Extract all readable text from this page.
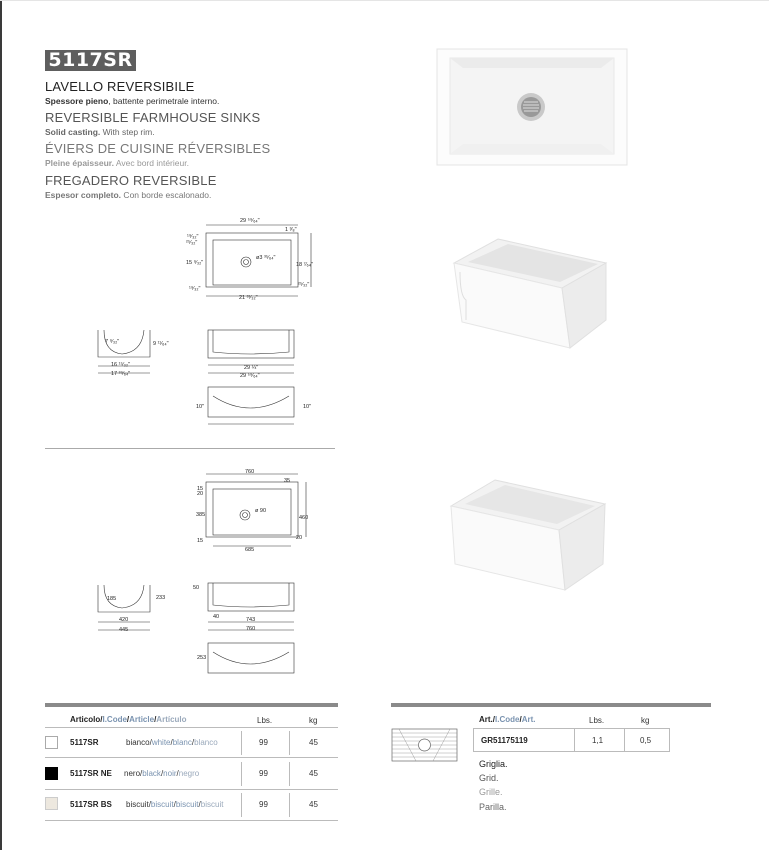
5117SR
LAVELLO REVERSIBILE
Spessore pieno, battente perimetrale interno.
REVERSIBLE FARMHOUSE SINKS
Solid casting. With step rim.
ÉVIERS DE CUISINE RÉVERSIBLES
Pleine épaisseur. Avec bord intérieur.
FREGADERO REVERSIBLE
Espesor completo. Con borde escalonado.
29 ⁵⁹⁄₆₄"
1 ³⁄₈"
¹⁹⁄₃₂"
²⁵⁄₃₂"
15 ⁹⁄₃₂"
ø3 ³⁵⁄₆₄"
18 ⁷⁄₆₄"
¹⁹⁄₃₂"
²⁵⁄₃₂"
21 ³¹⁄₃₂"
7 ⁹⁄₃₂"	9 ¹¹⁄₆₄"
16 ¹⁵⁄₃₂"
17 ³⁹⁄₆₄"
29 ¼"
29 ⁵⁹⁄₆₄"
10"	10"
760
35
15
20
385
ø 90
460
15	20
685
185	233
420
445
50
40	743
760
253
Articolo/I.Code/Article/Artículo	Lbs.	kg
5117SR	bianco/white/blanc/blanco	99	45
5117SR NE nero/black/noir/negro	99	45
5117SR BS biscuit/biscuit/biscuit/biscuit	99	45
Art./I.Code/Art.	Lbs.	kg
GR51175119	1,1	0,5
Griglia.
Grid.
Grille.
Parilla.
